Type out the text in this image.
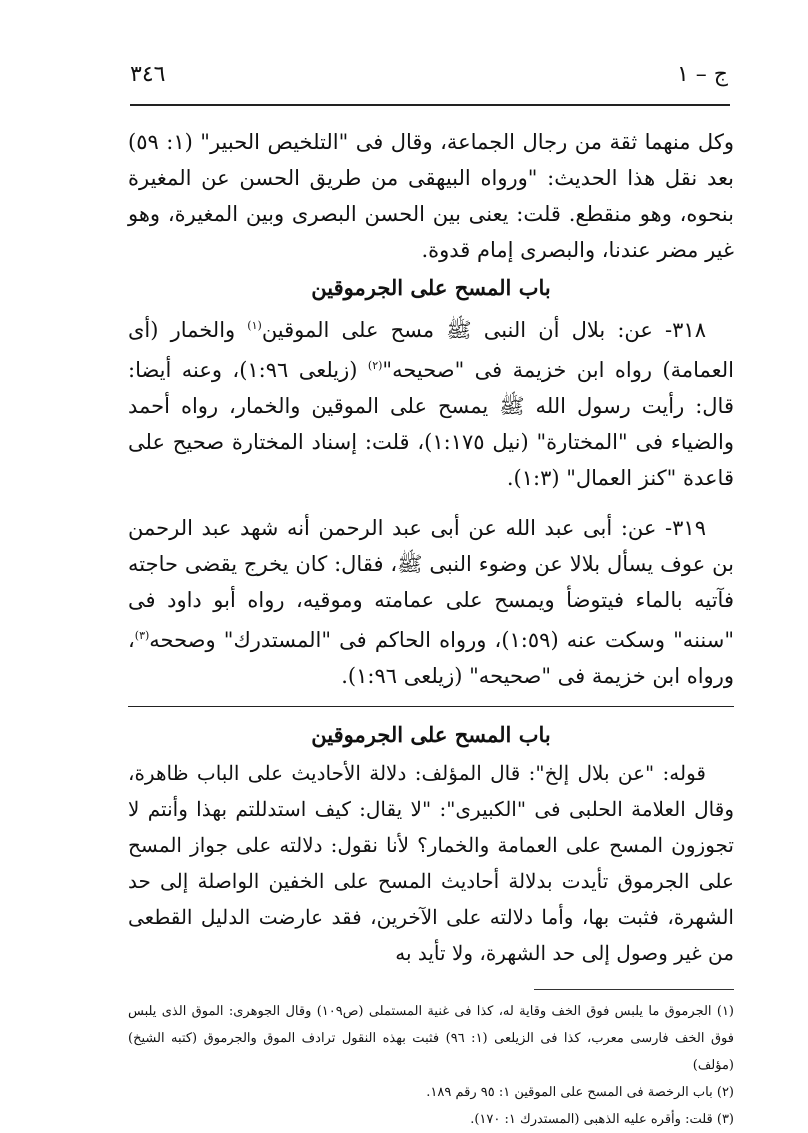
٣٤٦	ج – ١

وكل منهما ثقة من رجال الجماعة، وقال فى "التلخيص الحبير" (١: ٥٩) بعد نقل هذا الحديث: "ورواه البيهقى من طريق الحسن عن المغيرة بنحوه، وهو منقطع. قلت: يعنى بين الحسن البصرى وبين المغيرة، وهو غير مضر عندنا، والبصرى إمام قدوة.

باب المسح على الجرموقين

٣١٨- عن: بلال أن النبى ﷺ مسح على الموقين$^{(١)}$ والخمار (أى العمامة) رواه ابن خزيمة فى "صحيحه"$^{(٢)}$ (زيلعى ١:٩٦)، وعنه أيضا: قال: رأيت رسول الله ﷺ يمسح على الموقين والخمار، رواه أحمد والضياء فى "المختارة" (نيل ١:١٧٥)، قلت: إسناد المختارة صحيح على قاعدة "كنز العمال" (١:٣).

٣١٩- عن: أبى عبد الله عن أبى عبد الرحمن أنه شهد عبد الرحمن بن عوف يسأل بلالا عن وضوء النبى ﷺ، فقال: كان يخرج يقضى حاجته فآتيه بالماء فيتوضأ ويمسح على عمامته وموقيه، رواه أبو داود فى "سننه" وسكت عنه (١:٥٩)، ورواه الحاكم فى "المستدرك" وصححه$^{(٣)}$، ورواه ابن خزيمة فى "صحيحه" (زيلعى ١:٩٦).

باب المسح على الجرموقين

قوله: "عن بلال إلخ": قال المؤلف: دلالة الأحاديث على الباب ظاهرة، وقال العلامة الحلبى فى "الكبيرى": "لا يقال: كيف استدللتم بهذا وأنتم لا تجوزون المسح على العمامة والخمار؟ لأنا نقول: دلالته على جواز المسح على الجرموق تأيدت بدلالة أحاديث المسح على الخفين الواصلة إلى حد الشهرة، فثبت بها، وأما دلالته على الآخرين، فقد عارضت الدليل القطعى من غير وصول إلى حد الشهرة، ولا تأيد به

(١) الجرموق ما يلبس فوق الخف وقاية له، كذا فى غنية المستملى (ص١٠٩) وقال الجوهرى: الموق الذى يلبس فوق الخف فارسى معرب، كذا فى الزيلعى (١: ٩٦) فثبت بهذه النقول ترادف الموق والجرموق (كتبه الشيخ)(مؤلف)

(٢) باب الرخصة فى المسح على الموقين ١: ٩٥ رقم ١٨٩.

(٣) قلت: وأقره عليه الذهبى (المستدرك ١: ١٧٠).
